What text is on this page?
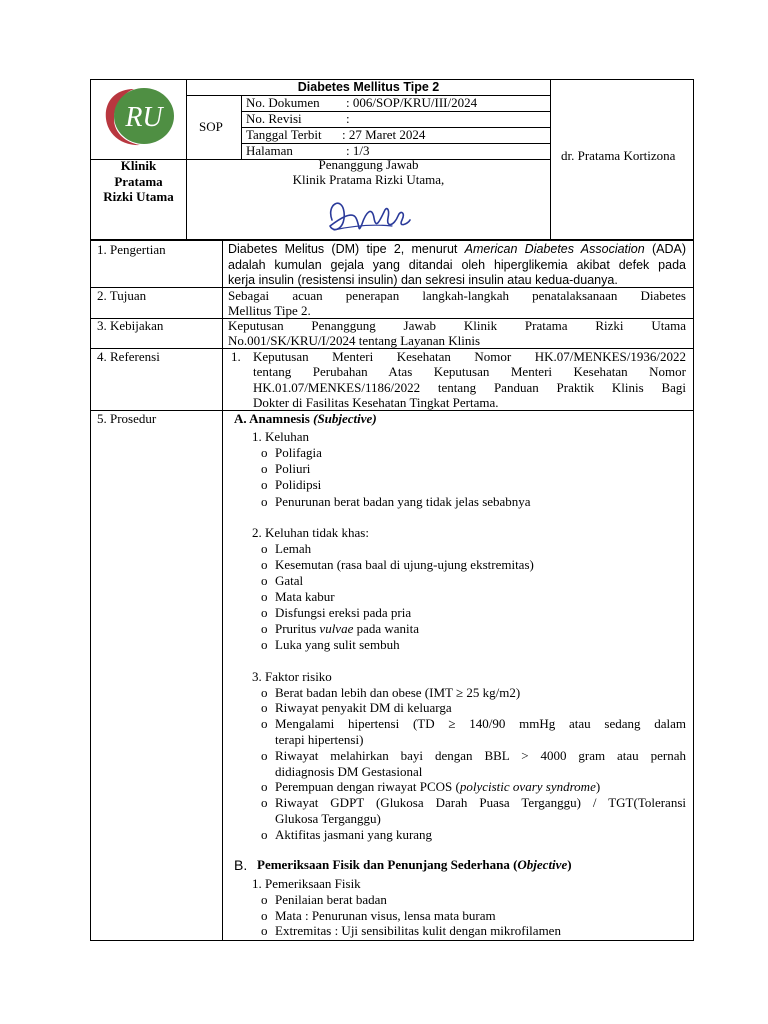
RU
Klinik
Pratama
Rizki Utama
Diabetes Mellitus Tipe 2
SOP
No. Dokumen : 006/SOP/KRU/III/2024
No. Revisi	:
Tanggal Terbit : 27 Maret 2024
Halaman	: 1/3
Penanggung Jawab
Klinik Pratama Rizki Utama,
dr. Pratama Kortizona
1. Pengertian	Diabetes Melitus (DM) tipe 2, menurut American Diabetes Association (ADA)
adalah kumulan gejala yang ditandai oleh hiperglikemia akibat defek pada
kerja insulin (resistensi insulin) dan sekresi insulin atau kedua-duanya.
2. Tujuan	Sebagai acuan penerapan langkah-langkah penatalaksanaan Diabetes
Mellitus Tipe 2.
3. Kebijakan	Keputusan Penanggung Jawab Klinik Pratama Rizki Utama
No.001/SK/KRU/I/2024 tentang Layanan Klinis
4. Referensi	1. Keputusan Menteri Kesehatan Nomor HK.07/MENKES/1936/2022
tentang Perubahan Atas Keputusan Menteri Kesehatan Nomor
HK.01.07/MENKES/1186/2022 tentang Panduan Praktik Klinis Bagi
Dokter di Fasilitas Kesehatan Tingkat Pertama.
5. Prosedur	A. Anamnesis (Subjective)
1. Keluhan
o Polifagia
o Poliuri
o Polidipsi
o Penurunan berat badan yang tidak jelas sebabnya
2. Keluhan tidak khas:
o Lemah
o Kesemutan (rasa baal di ujung-ujung ekstremitas)
o Gatal
o Mata kabur
o Disfungsi ereksi pada pria
o Pruritus vulvae pada wanita
o Luka yang sulit sembuh
3. Faktor risiko
o Berat badan lebih dan obese (IMT ≥ 25 kg/m2)
o Riwayat penyakit DM di keluarga
o Mengalami hipertensi (TD ≥ 140/90 mmHg atau sedang dalam
terapi hipertensi)
o Riwayat melahirkan bayi dengan BBL > 4000 gram atau pernah
didiagnosis DM Gestasional
o Perempuan dengan riwayat PCOS (polycistic ovary syndrome)
o Riwayat GDPT (Glukosa Darah Puasa Terganggu) / TGT(Toleransi
Glukosa Terganggu)
o Aktifitas jasmani yang kurang
B. Pemeriksaan Fisik dan Penunjang Sederhana (Objective)
1. Pemeriksaan Fisik
o Penilaian berat badan
o Mata : Penurunan visus, lensa mata buram
o Extremitas : Uji sensibilitas kulit dengan mikrofilamen
